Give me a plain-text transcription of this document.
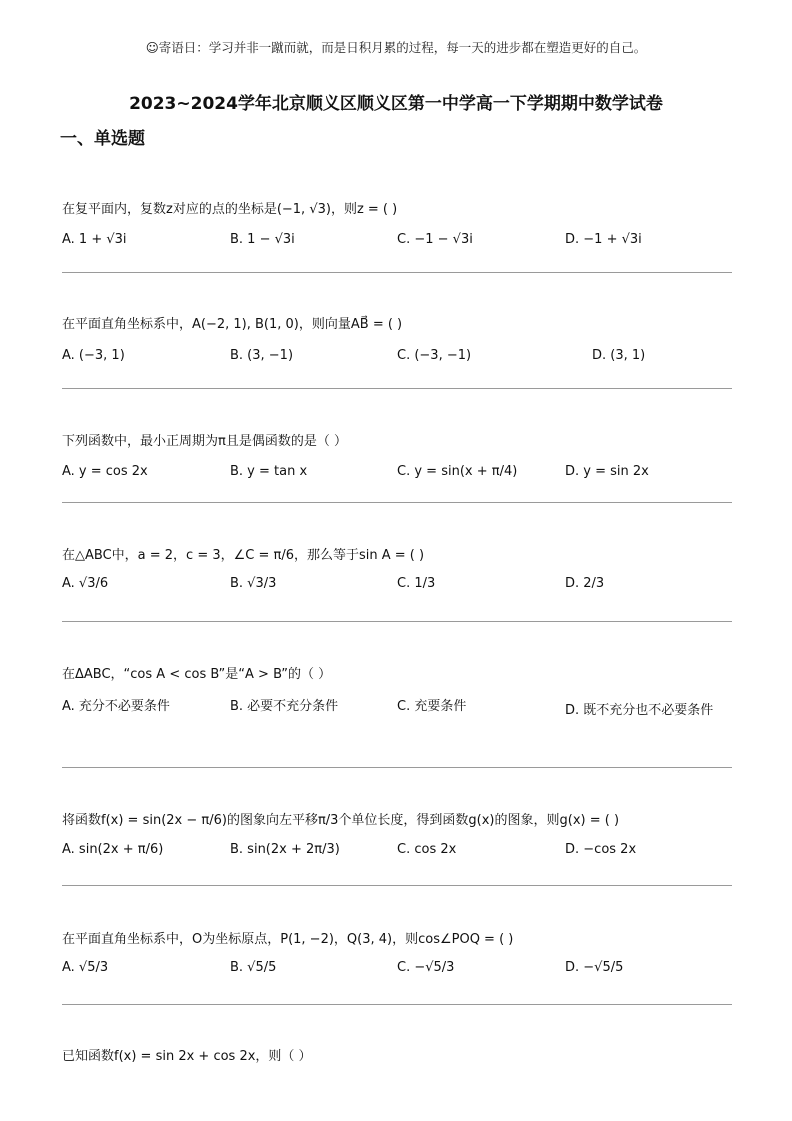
☺寄语日：学习并非一蹴而就，而是日积月累的过程，每一天的进步都在塑造更好的自己。
2023~2024学年北京顺义区顺义区第一中学高一下学期期中数学试卷
一、单选题
在复平面内，复数z对应的点的坐标是(−1, √3)，则z = ( )
A. 1 + √3i	B. 1 − √3i	C. −1 − √3i	D. −1 + √3i
在平面直角坐标系中，A(−2, 1), B(1, 0)，则向量AB⃗ = ( )
A. (−3, 1)	B. (3, −1)	C. (−3, −1)	D. (3, 1)
下列函数中，最小正周期为π且是偶函数的是（ ）
A. y = cos 2x	B. y = tan x	C. y = sin(x + π/4)	D. y = sin 2x
在△ABC中，a = 2，c = 3，∠C = π/6，那么等于sin A = ( )
A. √3/6	B. √3/3	C. 1/3	D. 2/3
在ΔABC，“cos A < cos B”是“A > B”的（ ）
A. 充分不必要条件	B. 必要不充分条件	C. 充要条件	D. 既不充分也不必要条件
将函数f(x) = sin(2x − π/6)的图象向左平移π/3个单位长度，得到函数g(x)的图象，则g(x) = ( )
A. sin(2x + π/6)	B. sin(2x + 2π/3)	C. cos 2x	D. −cos 2x
在平面直角坐标系中，O为坐标原点，P(1, −2)，Q(3, 4)，则cos∠POQ = ( )
A. √5/3	B. √5/5	C. −√5/3	D. −√5/5
已知函数f(x) = sin 2x + cos 2x，则（ ）
